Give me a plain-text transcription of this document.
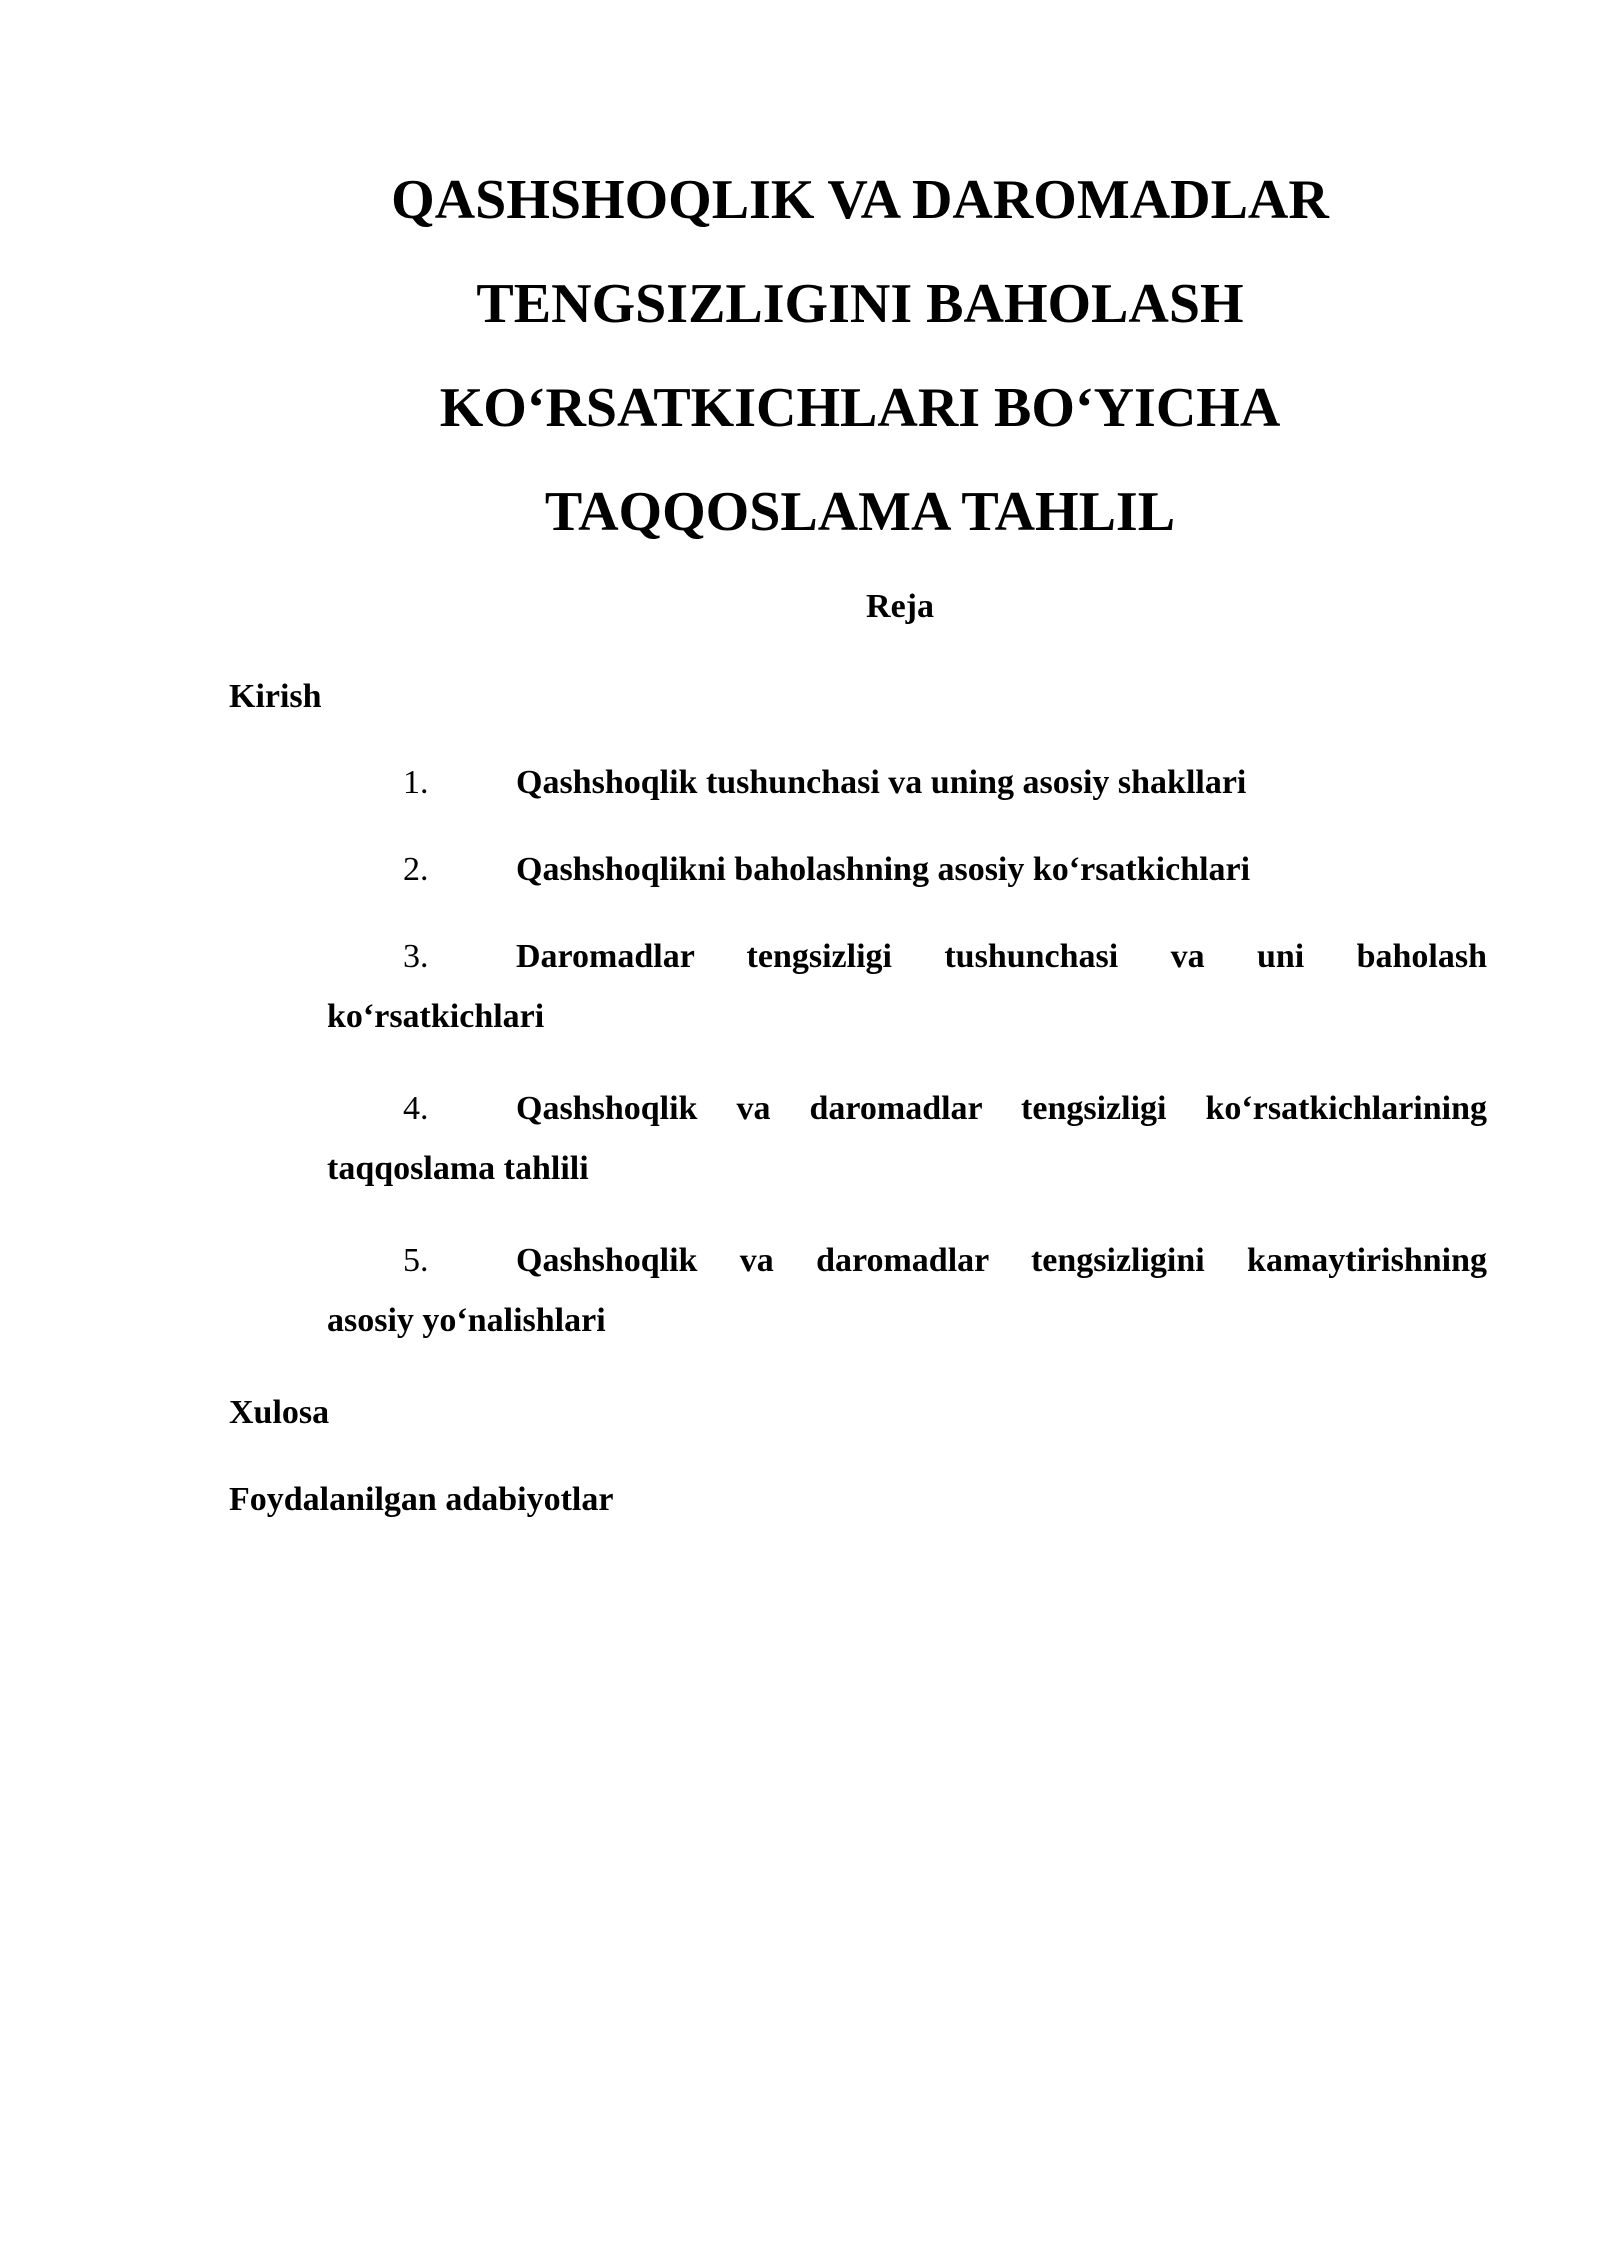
QASHSHOQLIK VA DAROMADLAR
TENGSIZLIGINI BAHOLASH
KO‘RSATKICHLARI BO‘YICHA
TAQQOSLAMA TAHLIL
Reja

Kirish

1.	Qashshoqlik tushunchasi va uning asosiy shakllari
2.	Qashshoqlikni baholashning asosiy ko‘rsatkichlari
3.	Daromadlar tengsizligi tushunchasi va uni baholash
ko‘rsatkichlari
4.	Qashshoqlik va daromadlar tengsizligi ko‘rsatkichlarining
taqqoslama tahlili
5.	Qashshoqlik va daromadlar tengsizligini kamaytirishning
asosiy yo‘nalishlari

Xulosa

Foydalanilgan adabiyotlar
